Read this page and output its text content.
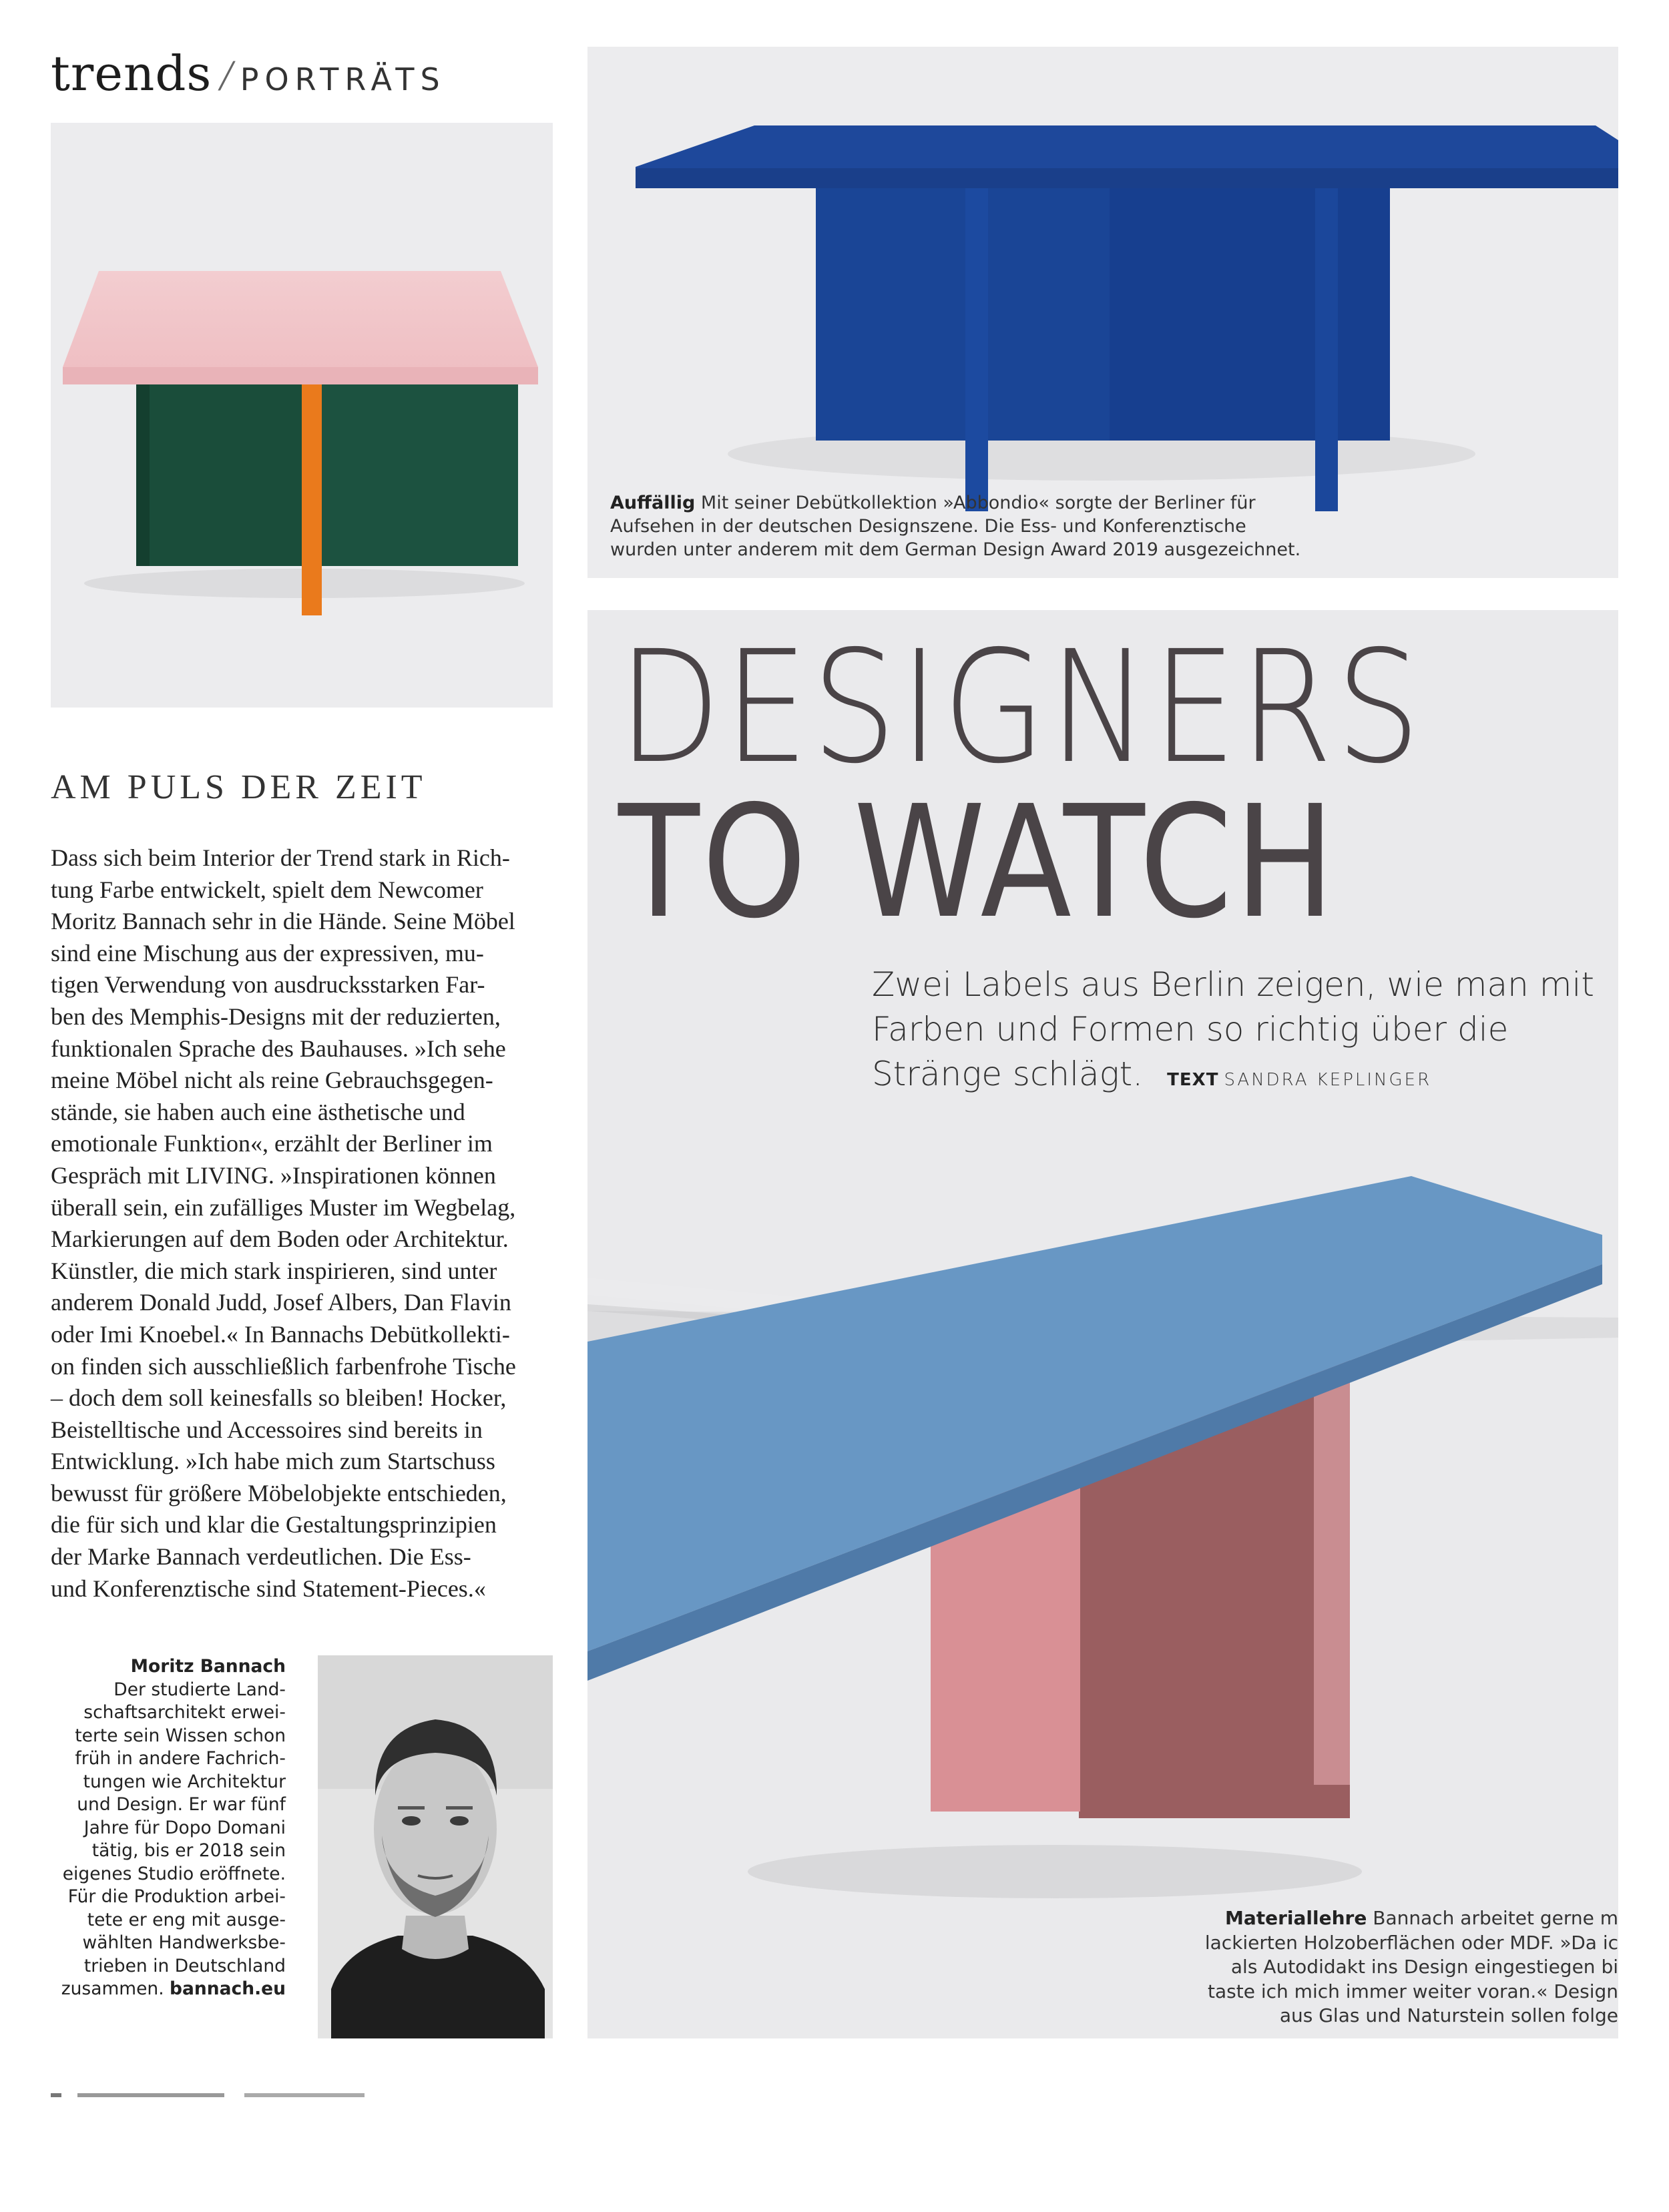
trends / PORTRÄTS
Auffällig Mit seiner Debütkollektion »Abbondio« sorgte der Berliner für
Aufsehen in der deutschen Designszene. Die Ess- und Konferenztische
wurden unter anderem mit dem German Design Award 2019 ausgezeichnet.
DESIGNERS
TO WATCH
Zwei Labels aus Berlin zeigen, wie man mit
Farben und Formen so richtig über die
Stränge schlägt. TEXT SANDRA KEPLINGER
Materiallehre Bannach arbeitet gerne m
lackierten Holzoberflächen oder MDF. »Da ic
als Autodidakt ins Design eingestiegen bi
taste ich mich immer weiter voran.« Design
aus Glas und Naturstein sollen folge
AM PULS DER ZEIT
Dass sich beim Interior der Trend stark in Rich-
tung Farbe entwickelt, spielt dem Newcomer
Moritz Bannach sehr in die Hände. Seine Möbel
sind eine Mischung aus der expressiven, mu-
tigen Verwendung von ausdrucksstarken Far-
ben des Memphis-Designs mit der reduzierten,
funktionalen Sprache des Bauhauses. »Ich sehe
meine Möbel nicht als reine Gebrauchsgegen-
stände, sie haben auch eine ästhetische und
emotionale Funktion«, erzählt der Berliner im
Gespräch mit LIVING. »Inspirationen können
überall sein, ein zufälliges Muster im Wegbelag,
Markierungen auf dem Boden oder Architektur.
Künstler, die mich stark inspirieren, sind unter
anderem Donald Judd, Josef Albers, Dan Flavin
oder Imi Knoebel.« In Bannachs Debütkollekti-
on finden sich ausschließlich farbenfrohe Tische
– doch dem soll keinesfalls so bleiben! Hocker,
Beistelltische und Accessoires sind bereits in
Entwicklung. »Ich habe mich zum Startschuss
bewusst für größere Möbelobjekte entschieden,
die für sich und klar die Gestaltungsprinzipien
der Marke Bannach verdeutlichen. Die Ess-
und Konferenztische sind Statement-Pieces.«
Moritz Bannach
Der studierte Land-
schaftsarchitekt erwei-
terte sein Wissen schon
früh in andere Fachrich-
tungen wie Architektur
und Design. Er war fünf
Jahre für Dopo Domani
tätig, bis er 2018 sein
eigenes Studio eröffnete.
Für die Produktion arbei-
tete er eng mit ausge-
wählten Handwerksbe-
trieben in Deutschland
zusammen. bannach.eu
